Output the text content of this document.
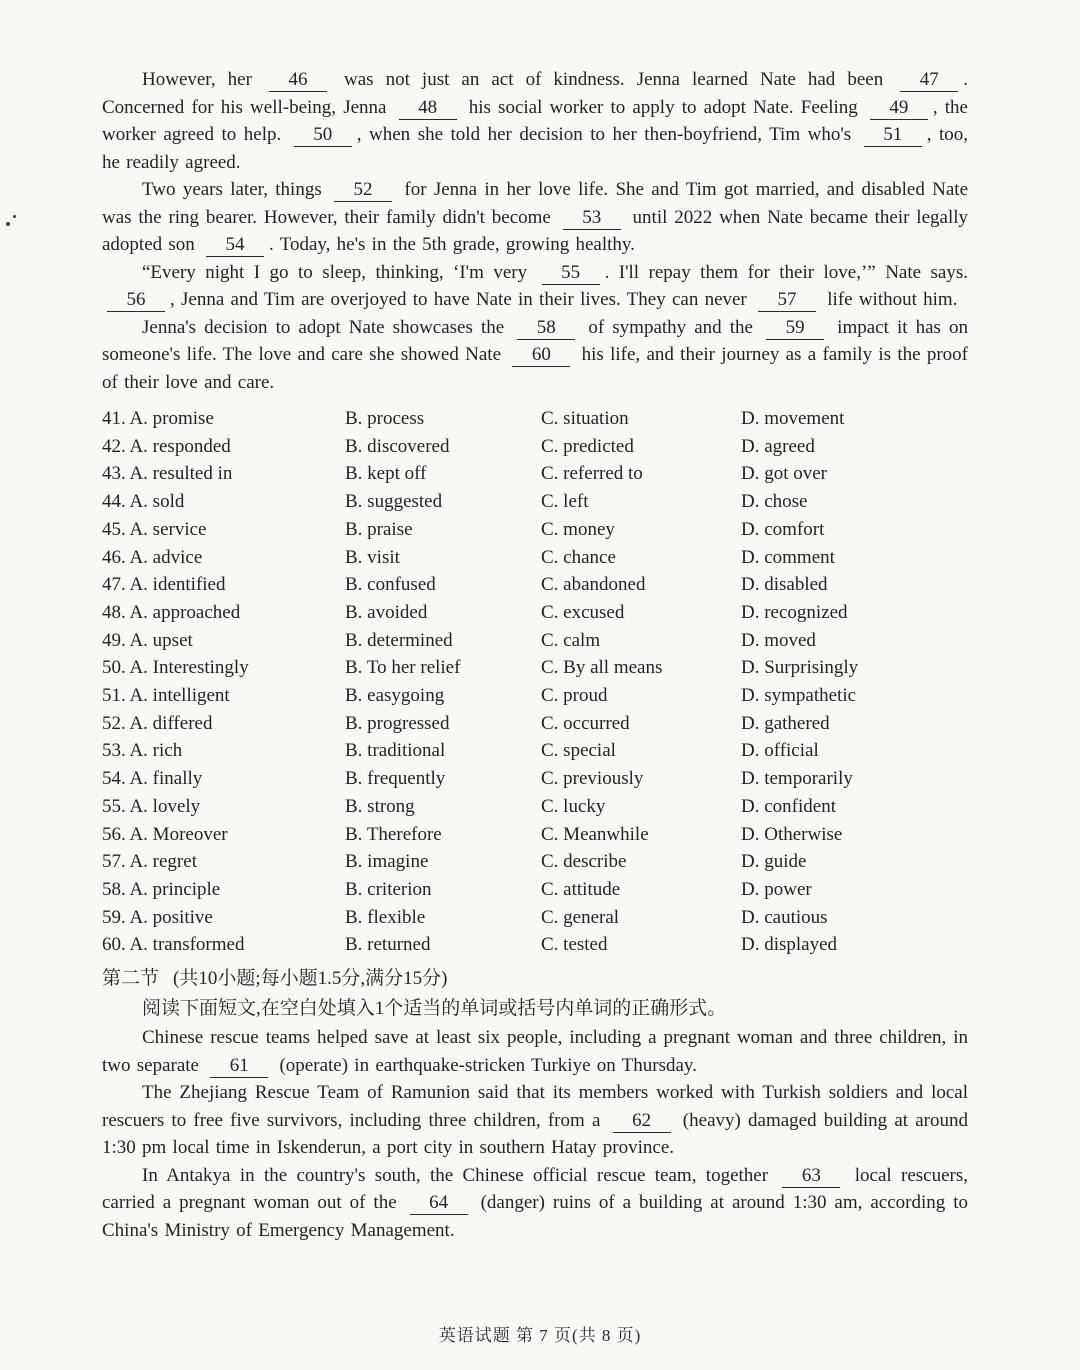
However, her 46 was not just an act of kindness. Jenna learned Nate had been 47 . Concerned for his well-being, Jenna 48 his social worker to apply to adopt Nate. Feeling 49 , the worker agreed to help. 50 , when she told her decision to her then-boyfriend, Tim who's 51 , too, he readily agreed.

Two years later, things 52 for Jenna in her love life. She and Tim got married, and disabled Nate was the ring bearer. However, their family didn't become 53 until 2022 when Nate became their legally adopted son 54 . Today, he's in the 5th grade, growing healthy.

“Every night I go to sleep, thinking, ‘I'm very 55 . I'll repay them for their love,’” Nate says. 56 , Jenna and Tim are overjoyed to have Nate in their lives. They can never 57 life without him.

Jenna's decision to adopt Nate showcases the 58 of sympathy and the 59 impact it has on someone's life. The love and care she showed Nate 60 his life, and their journey as a family is the proof of their love and care.

41. A. promise	B. process	C. situation	D. movement
42. A. responded	B. discovered	C. predicted	D. agreed
43. A. resulted in	B. kept off	C. referred to	D. got over
44. A. sold	B. suggested	C. left	D. chose
45. A. service	B. praise	C. money	D. comfort
46. A. advice	B. visit	C. chance	D. comment
47. A. identified	B. confused	C. abandoned	D. disabled
48. A. approached	B. avoided	C. excused	D. recognized
49. A. upset	B. determined	C. calm	D. moved
50. A. Interestingly	B. To her relief	C. By all means	D. Surprisingly
51. A. intelligent	B. easygoing	C. proud	D. sympathetic
52. A. differed	B. progressed	C. occurred	D. gathered
53. A. rich	B. traditional	C. special	D. official
54. A. finally	B. frequently	C. previously	D. temporarily
55. A. lovely	B. strong	C. lucky	D. confident
56. A. Moreover	B. Therefore	C. Meanwhile	D. Otherwise
57. A. regret	B. imagine	C. describe	D. guide
58. A. principle	B. criterion	C. attitude	D. power
59. A. positive	B. flexible	C. general	D. cautious
60. A. transformed	B. returned	C. tested	D. displayed
第二节 (共10小题;每小题1.5分,满分15分)

阅读下面短文,在空白处填入1个适当的单词或括号内单词的正确形式。

Chinese rescue teams helped save at least six people, including a pregnant woman and three children, in two separate 61 (operate) in earthquake-stricken Turkiye on Thursday.

The Zhejiang Rescue Team of Ramunion said that its members worked with Turkish soldiers and local rescuers to free five survivors, including three children, from a 62 (heavy) damaged building at around 1:30 pm local time in Iskenderun, a port city in southern Hatay province.

In Antakya in the country's south, the Chinese official rescue team, together 63 local rescuers, carried a pregnant woman out of the 64 (danger) ruins of a building at around 1:30 am, according to China's Ministry of Emergency Management.

英语试题 第 7 页(共 8 页)
